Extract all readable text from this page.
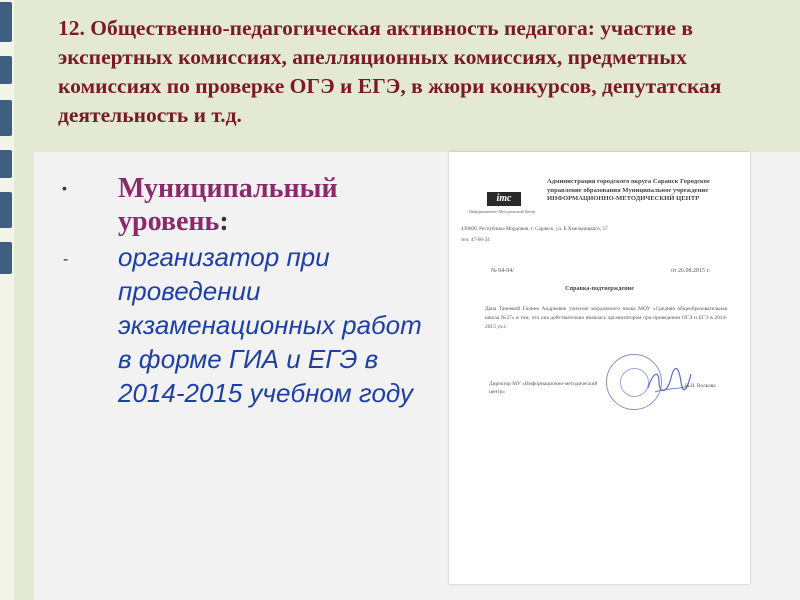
12. Общественно-педагогическая активность педагога: участие в экспертных комиссиях, апелляционных комиссиях, предметных комиссиях по проверке ОГЭ и ЕГЭ, в жюри конкурсов, депутатская деятельность и т.д.
• Муниципальный уровень:

- организатор при проведении экзаменационных работ в форме ГИА и ЕГЭ в 2014-2015 учебном году

imc
Информационно-Методический Центр
Администрация городского округа Саранск Городское управление образования Муниципальное учреждение ИНФОРМАЦИОННО-МЕТОДИЧЕСКИЙ ЦЕНТР
430000, Республика Мордовия, г. Саранск, ул. Б.Хмельницкого, 57 тел. 47-66-24
№ 04-04/	от 26.08.2015 г.
Справка-подтверждение
Дана Танеевой Галине Андреевне учителю мордовского языка МОУ «Средняя общеобразовательная школа №27» в том, что она действительно являлась организатором при проведении ОГЭ и ЕГЭ в 2014-2015 уч.г.
Директор МУ «Информационно-методический центр»
Н.Н. Волкова
